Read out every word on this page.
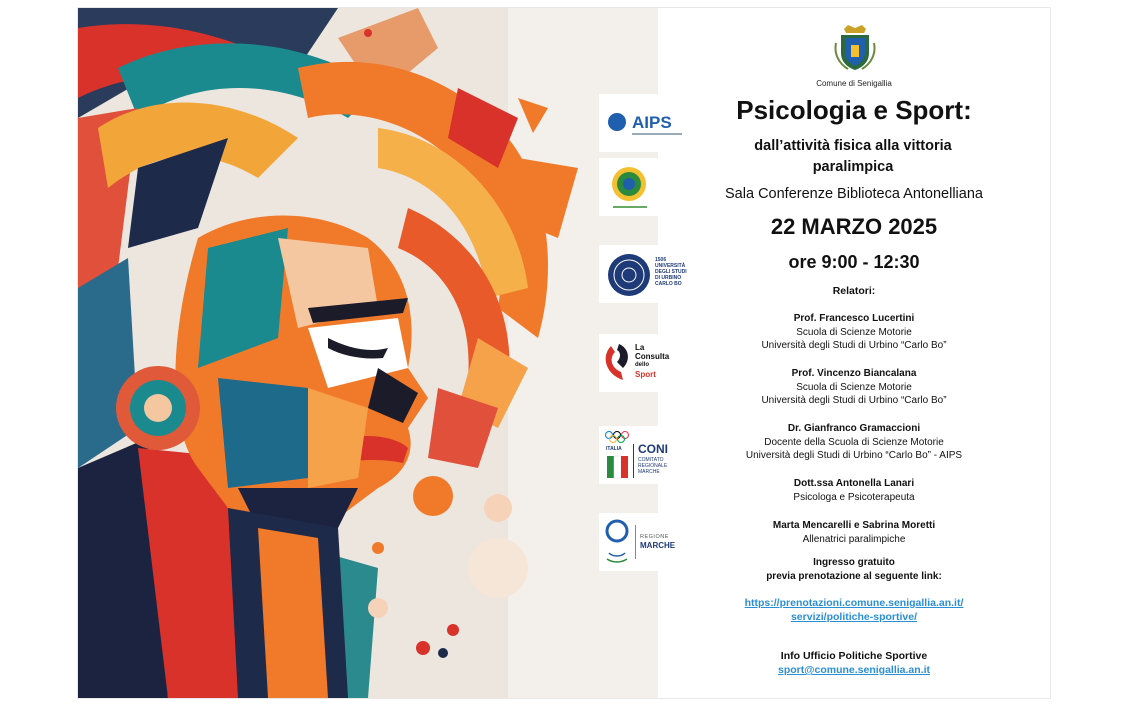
AIPS
1506
UNIVERSITÀ
DEGLI STUDI
DI URBINO
CARLO BO
La
Consulta
dello
Sport
ITALIA CONI
COMITATO
REGIONALE
MARCHE
REGIONE
MARCHE
Comune di Senigallia
Psicologia e Sport:
dall’attività fisica alla vittoria
paralimpica
Sala Conferenze Biblioteca Antonelliana
22 MARZO 2025
ore 9:00 - 12:30
Relatori:
Prof. Francesco Lucertini
Scuola di Scienze Motorie
Università degli Studi di Urbino “Carlo Bo”
Prof. Vincenzo Biancalana
Scuola di Scienze Motorie
Università degli Studi di Urbino “Carlo Bo”
Dr. Gianfranco Gramaccioni
Docente della Scuola di Scienze Motorie
Università degli Studi di Urbino “Carlo Bo” - AIPS
Dott.ssa Antonella Lanari
Psicologa e Psicoterapeuta
Marta Mencarelli e Sabrina Moretti
Allenatrici paralimpiche
Ingresso gratuito
previa prenotazione al seguente link:
https://prenotazioni.comune.senigallia.an.it/
servizi/politiche-sportive/
Info Ufficio Politiche Sportive
sport@comune.senigallia.an.it
